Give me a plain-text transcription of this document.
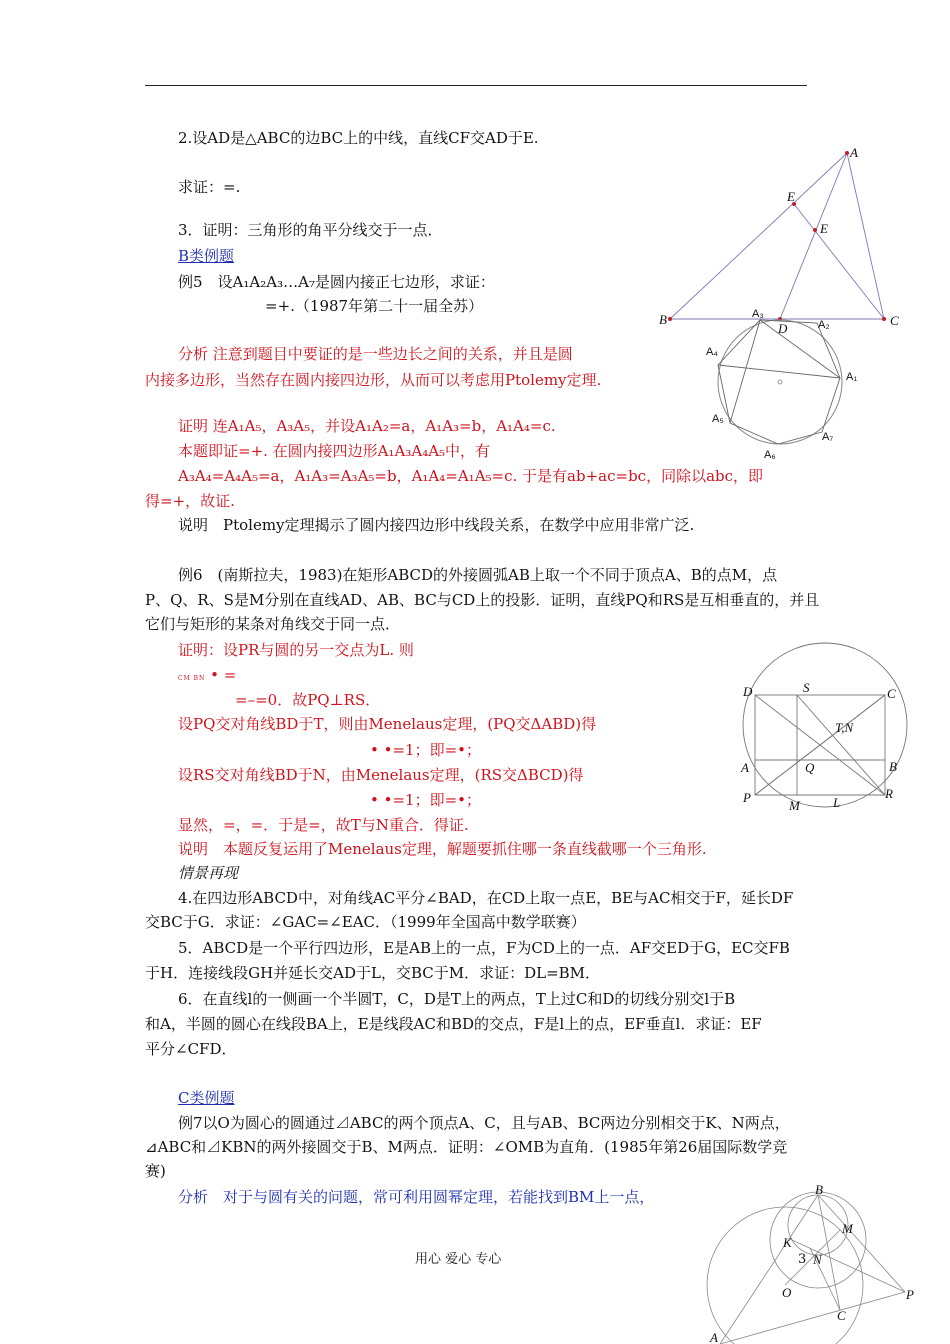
2.设AD是△ABC的边BC上的中线，直线CF交AD于E.
求证：=.
3．证明：三角形的角平分线交于一点．
B类例题
例5　设A₁A₂A₃…A₇是圆内接正七边形，求证：
=+.（1987年第二十一届全苏）
分析 注意到题目中要证的是一些边长之间的关系，并且是圆
内接多边形，当然存在圆内接四边形，从而可以考虑用Ptolemy定理.
证明 连A₁A₅，A₃A₅，并设A₁A₂=a，A₁A₃=b，A₁A₄=c.
本题即证=+. 在圆内接四边形A₁A₃A₄A₅中，有
A₃A₄=A₄A₅=a，A₁A₃=A₃A₅=b，A₁A₄=A₁A₅=c. 于是有ab+ac=bc，同除以abc，即
得=+，故证.
说明　Ptolemy定理揭示了圆内接四边形中线段关系，在数学中应用非常广泛.
例6　(南斯拉夫，1983)在矩形ABCD的外接圆弧AB上取一个不同于顶点A、B的点M，点
P、Q、R、S是M分别在直线AD、AB、BC与CD上的投影．证明，直线PQ和RS是互相垂直的，并且
它们与矩形的某条对角线交于同一点．
证明：设PR与圆的另一交点为L. 则
CM BN • =
=–=0．故PQ⊥RS．
设PQ交对角线BD于T，则由Menelaus定理，(PQ交ΔABD)得
• •=1；即=•；
设RS交对角线BD于N，由Menelaus定理，(RS交ΔBCD)得
• •=1；即=•；
显然，=，=．于是=，故T与N重合．得证.
说明　本题反复运用了Menelaus定理，解题要抓住哪一条直线截哪一个三角形.
情景再现
4.在四边形ABCD中，对角线AC平分∠BAD，在CD上取一点E，BE与AC相交于F，延长DF
交BC于G．求证：∠GAC=∠EAC．（1999年全国高中数学联赛）
5．ABCD是一个平行四边形，E是AB上的一点，F为CD上的一点．AF交ED于G，EC交FB
于H．连接线段GH并延长交AD于L，交BC于M．求证：DL=BM．
6．在直线l的一侧画一个半圆T，C，D是T上的两点，T上过C和D的切线分别交l于B
和A，半圆的圆心在线段BA上，E是线段AC和BD的交点，F是l上的点，EF垂直l．求证：EF
平分∠CFD．
C类例题
例7以O为圆心的圆通过⊿ABC的两个顶点A、C，且与AB、BC两边分别相交于K、N两点，
⊿ABC和⊿KBN的两外接圆交于B、M两点．证明：∠OMB为直角．(1985年第26届国际数学竞
赛)
分析　对于与圆有关的问题，常可利用圆幂定理，若能找到BM上一点，
用心 爱心 专心	3
A
E
E
B	C
D
A₃
A₂
A₄
A₁
A₅
A₇
A₆
D	S	C
T,N
A	Q	B
P
M	L
R
B
M
K
N
O
A
C
P
